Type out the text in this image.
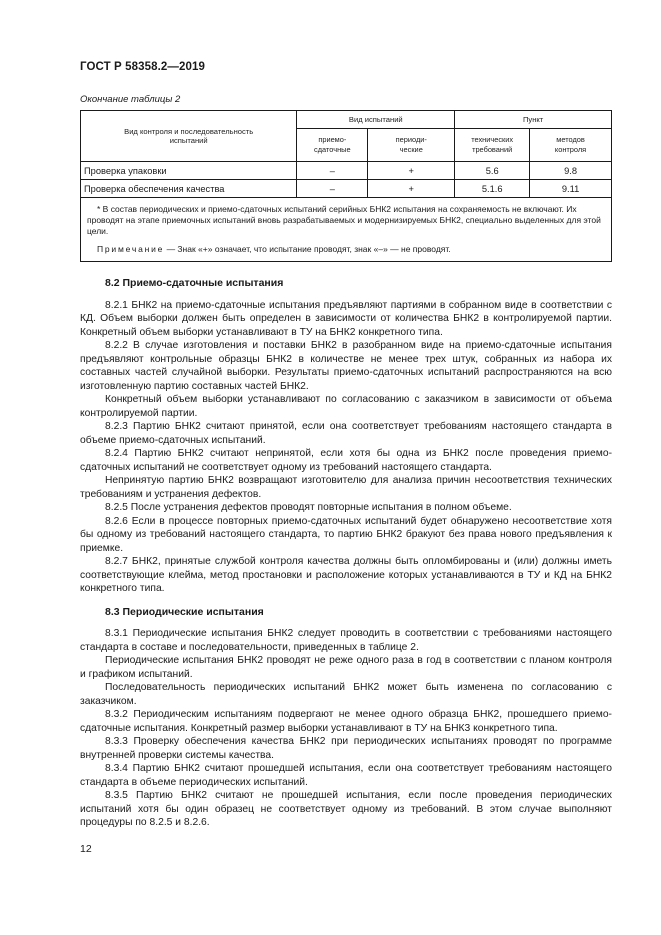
ГОСТ Р 58358.2—2019
Окончание таблицы 2
Вид контроля и последовательность испытаний	Вид испытаний		Пункт	
	приемо-сдаточные	периоди-ческие	технических требований	методов контроля
Проверка упаковки	–	+	5.6	9.8
Проверка обеспечения качества	–	+	5.1.6	9.11

* В состав периодических и приемо-сдаточных испытаний серийных БНК2 испытания на сохраняемость не включают. Их проводят на этапе приемочных испытаний вновь разрабатываемых и модернизируемых БНК2, специально выделенных для этой цели.
Примечание — Знак «+» означает, что испытание проводят, знак «–» — не проводят.				
8.2 Приемо-сдаточные испытания

8.2.1 БНК2 на приемо-сдаточные испытания предъявляют партиями в собранном виде в соответствии с КД. Объем выборки должен быть определен в зависимости от количества БНК2 в контролируемой партии. Конкретный объем выборки устанавливают в ТУ на БНК2 конкретного типа.

8.2.2 В случае изготовления и поставки БНК2 в разобранном виде на приемо-сдаточные испытания предъявляют контрольные образцы БНК2 в количестве не менее трех штук, собранных из набора их составных частей случайной выборки. Результаты приемо-сдаточных испытаний распространяются на всю изготовленную партию составных частей БНК2.

Конкретный объем выборки устанавливают по согласованию с заказчиком в зависимости от объема контролируемой партии.

8.2.3 Партию БНК2 считают принятой, если она соответствует требованиям настоящего стандарта в объеме приемо-сдаточных испытаний.

8.2.4 Партию БНК2 считают непринятой, если хотя бы одна из БНК2 после проведения приемо-сдаточных испытаний не соответствует одному из требований настоящего стандарта.

Непринятую партию БНК2 возвращают изготовителю для анализа причин несоответствия технических требованиям и устранения дефектов.

8.2.5 После устранения дефектов проводят повторные испытания в полном объеме.

8.2.6 Если в процессе повторных приемо-сдаточных испытаний будет обнаружено несоответствие хотя бы одному из требований настоящего стандарта, то партию БНК2 бракуют без права нового предъявления к приемке.

8.2.7 БНК2, принятые службой контроля качества должны быть опломбированы и (или) должны иметь соответствующие клейма, метод простановки и расположение которых устанавливаются в ТУ и КД на БНК2 конкретного типа.

8.3 Периодические испытания

8.3.1 Периодические испытания БНК2 следует проводить в соответствии с требованиями настоящего стандарта в составе и последовательности, приведенных в таблице 2.

Периодические испытания БНК2 проводят не реже одного раза в год в соответствии с планом контроля и графиком испытаний.

Последовательность периодических испытаний БНК2 может быть изменена по согласованию с заказчиком.

8.3.2 Периодическим испытаниям подвергают не менее одного образца БНК2, прошедшего приемо-сдаточные испытания. Конкретный размер выборки устанавливают в ТУ на БНК3 конкретного типа.

8.3.3 Проверку обеспечения качества БНК2 при периодических испытаниях проводят по программе внутренней проверки системы качества.

8.3.4 Партию БНК2 считают прошедшей испытания, если она соответствует требованиям настоящего стандарта в объеме периодических испытаний.

8.3.5 Партию БНК2 считают не прошедшей испытания, если после проведения периодических испытаний хотя бы один образец не соответствует одному из требований. В этом случае выполняют процедуры по 8.2.5 и 8.2.6.

12
